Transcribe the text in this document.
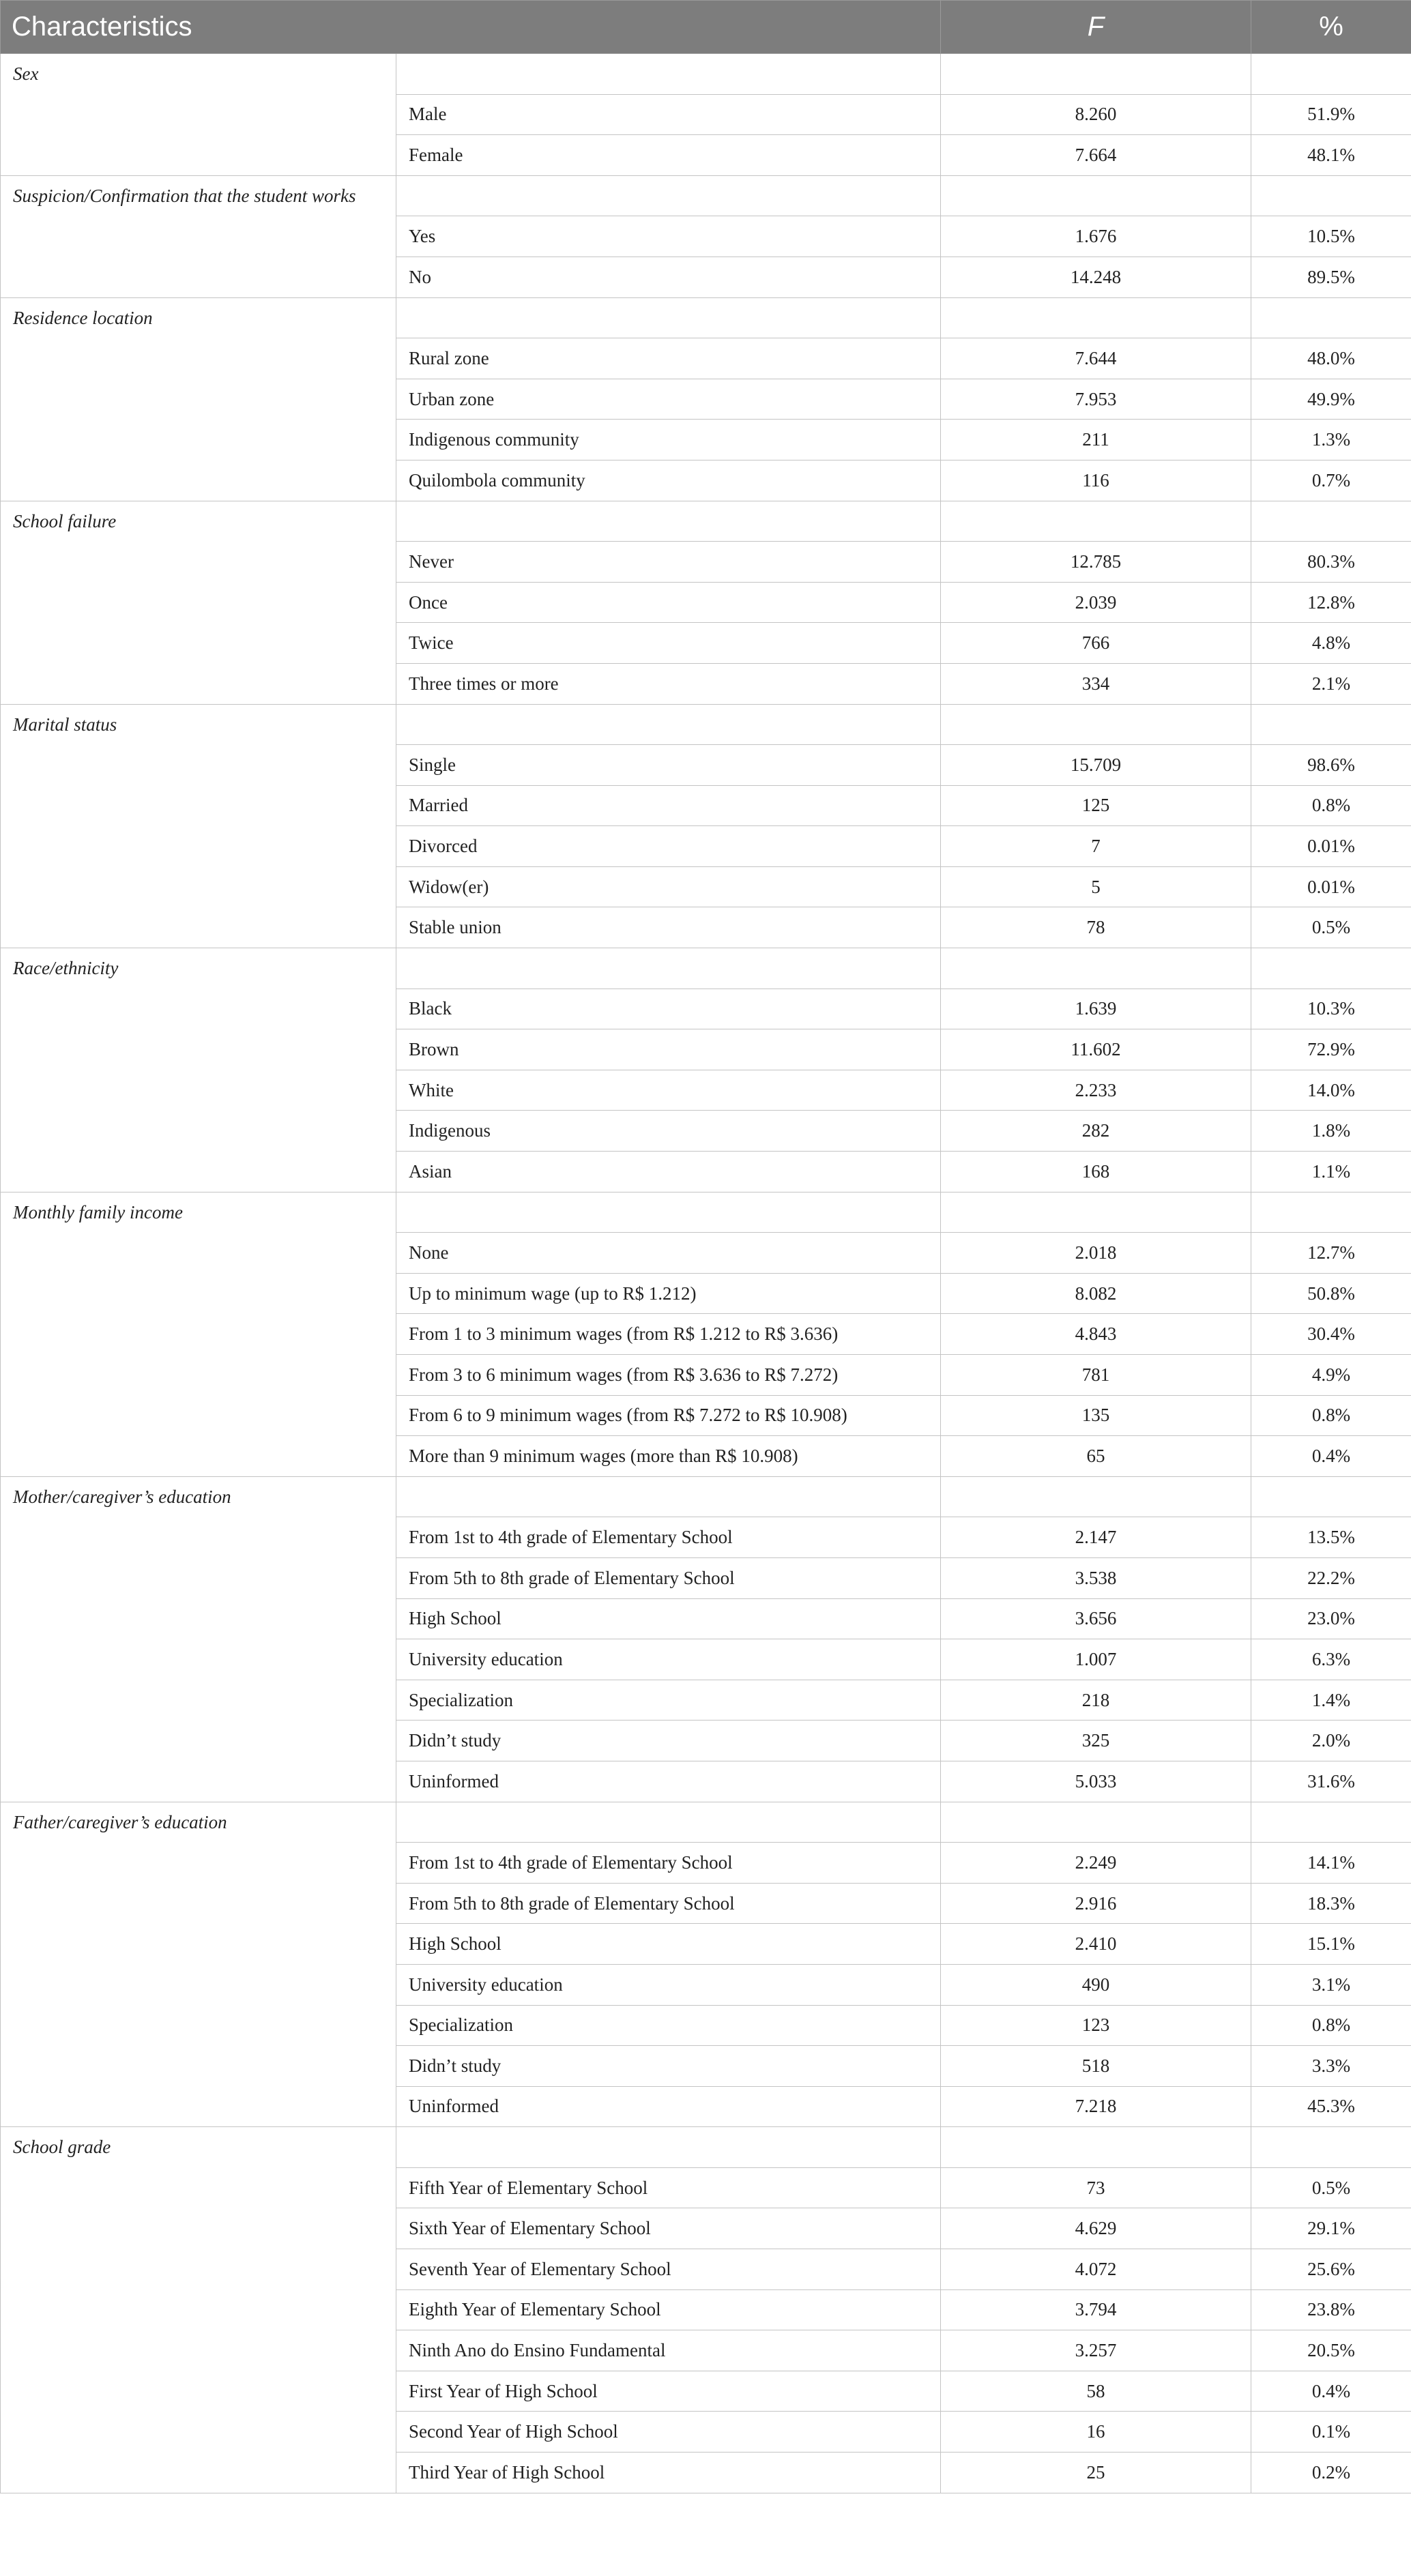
Characteristics		F	%
Sex			
	Male	8.260	51.9%
	Female	7.664	48.1%
Suspicion/Confirmation that the student works			
	Yes	1.676	10.5%
	No	14.248	89.5%
Residence location			
	Rural zone	7.644	48.0%
	Urban zone	7.953	49.9%
	Indigenous community	211	1.3%
	Quilombola community	116	0.7%
School failure			
	Never	12.785	80.3%
	Once	2.039	12.8%
	Twice	766	4.8%
	Three times or more	334	2.1%
Marital status			
	Single	15.709	98.6%
	Married	125	0.8%
	Divorced	7	0.01%
	Widow(er)	5	0.01%
	Stable union	78	0.5%
Race/ethnicity			
	Black	1.639	10.3%
	Brown	11.602	72.9%
	White	2.233	14.0%
	Indigenous	282	1.8%
	Asian	168	1.1%
Monthly family income			
	None	2.018	12.7%
	Up to minimum wage (up to R$ 1.212)	8.082	50.8%
	From 1 to 3 minimum wages (from R$ 1.212 to R$ 3.636)	4.843	30.4%
	From 3 to 6 minimum wages (from R$ 3.636 to R$ 7.272)	781	4.9%
	From 6 to 9 minimum wages (from R$ 7.272 to R$ 10.908)	135	0.8%
	More than 9 minimum wages (more than R$ 10.908)	65	0.4%
Mother/caregiver’s education			
	From 1st to 4th grade of Elementary School	2.147	13.5%
	From 5th to 8th grade of Elementary School	3.538	22.2%
	High School	3.656	23.0%
	University education	1.007	6.3%
	Specialization	218	1.4%
	Didn’t study	325	2.0%
	Uninformed	5.033	31.6%
Father/caregiver’s education			
	From 1st to 4th grade of Elementary School	2.249	14.1%
	From 5th to 8th grade of Elementary School	2.916	18.3%
	High School	2.410	15.1%
	University education	490	3.1%
	Specialization	123	0.8%
	Didn’t study	518	3.3%
	Uninformed	7.218	45.3%
School grade			
	Fifth Year of Elementary School	73	0.5%
	Sixth Year of Elementary School	4.629	29.1%
	Seventh Year of Elementary School	4.072	25.6%
	Eighth Year of Elementary School	3.794	23.8%
	Ninth Ano do Ensino Fundamental	3.257	20.5%
	First Year of High School	58	0.4%
	Second Year of High School	16	0.1%
	Third Year of High School	25	0.2%
